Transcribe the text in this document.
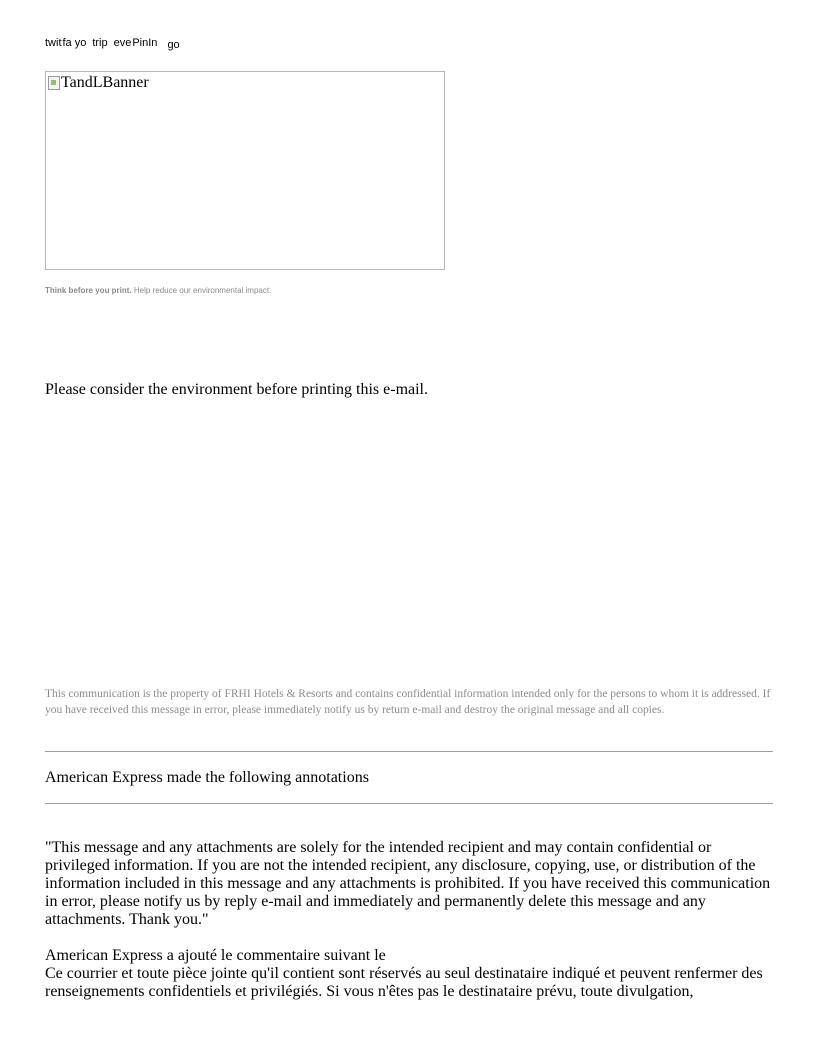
twitfa yo trip evePinIn go
TandLBanner
Think before you print. Help reduce our environmental impact.
Please consider the environment before printing this e-mail.
This communication is the property of FRHI Hotels & Resorts and contains confidential information intended only for the persons to whom it is addressed. If you have received this message in error, please immediately notify us by return e-mail and destroy the original message and all copies.
American Express made the following annotations
"This message and any attachments are solely for the intended recipient and may contain confidential or privileged information. If you are not the intended recipient, any disclosure, copying, use, or distribution of the information included in this message and any attachments is prohibited. If you have received this communication in error, please notify us by reply e-mail and immediately and permanently delete this message and any attachments. Thank you."
American Express a ajouté le commentaire suivant le
Ce courrier et toute pièce jointe qu'il contient sont réservés au seul destinataire indiqué et peuvent renfermer des renseignements confidentiels et privilégiés. Si vous n'êtes pas le destinataire prévu, toute divulgation,
